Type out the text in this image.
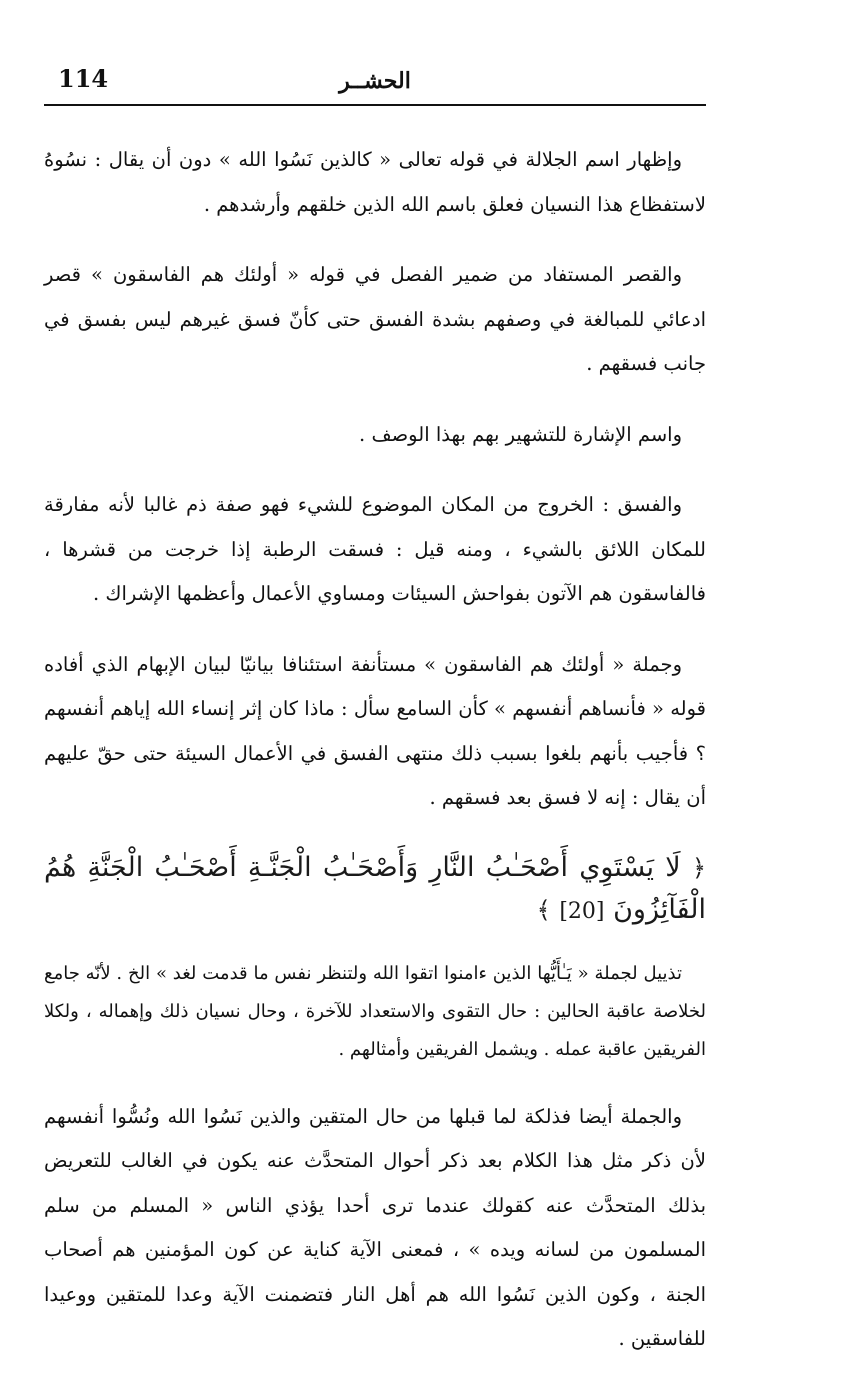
114	الحشــر

وإظهار اسم الجلالة في قوله تعالى « كالذين نَسُوا الله » دون أن يقال : نسُوهُ لاستفظاع هذا النسيان فعلق باسم الله الذين خلقهم وأرشدهم .

والقصر المستفاد من ضمير الفصل في قوله « أولئك هم الفاسقون » قصر ادعائي للمبالغة في وصفهم بشدة الفسق حتى كأنّ فسق غيرهم ليس بفسق في جانب فسقهم .

واسم الإشارة للتشهير بهم بهذا الوصف .

والفسق : الخروج من المكان الموضوع للشيء فهو صفة ذم غالبا لأنه مفارقة للمكان اللائق بالشيء ، ومنه قيل : فسقت الرطبة إذا خرجت من قشرها ، فالفاسقون هم الآتون بفواحش السيئات ومساوي الأعمال وأعظمها الإشراك .

وجملة « أولئك هم الفاسقون » مستأنفة استئنافا بيانيّا لبيان الإبهام الذي أفاده قوله « فأنساهم أنفسهم » كأن السامع سأل : ماذا كان إثر إنساء الله إياهم أنفسهم ؟ فأجيب بأنهم بلغوا بسبب ذلك منتهى الفسق في الأعمال السيئة حتى حقّ عليهم أن يقال : إنه لا فسق بعد فسقهم .

﴿ لَا يَسْتَوِي أَصْحَـٰبُ النَّارِ وَأَصْحَـٰبُ الْجَنَّـةِ أَصْحَـٰبُ الْجَنَّةِ هُمُ الْفَآئِزُونَ [20] ﴾

تذييل لجملة « يَـٰأَيُّها الذين ءامنوا اتقوا الله ولتنظر نفس ما قدمت لغد » الخ . لأنّه جامع لخلاصة عاقبة الحالين : حال التقوى والاستعداد للآخرة ، وحال نسيان ذلك وإهماله ، ولكلا الفريقين عاقبة عمله . ويشمل الفريقين وأمثالهم .

والجملة أيضا فذلكة لما قبلها من حال المتقين والذين نَسُوا الله ونُسُّوا أنفسهم لأن ذكر مثل هذا الكلام بعد ذكر أحوال المتحدَّث عنه يكون في الغالب للتعريض بذلك المتحدَّث عنه كقولك عندما ترى أحدا يؤذي الناس « المسلم من سلم المسلمون من لسانه ويده » ، فمعنى الآية كناية عن كون المؤمنين هم أصحاب الجنة ، وكون الذين نَسُوا الله هم أهل النار فتضمنت الآية وعدا للمتقين ووعيدا للفاسقين .
